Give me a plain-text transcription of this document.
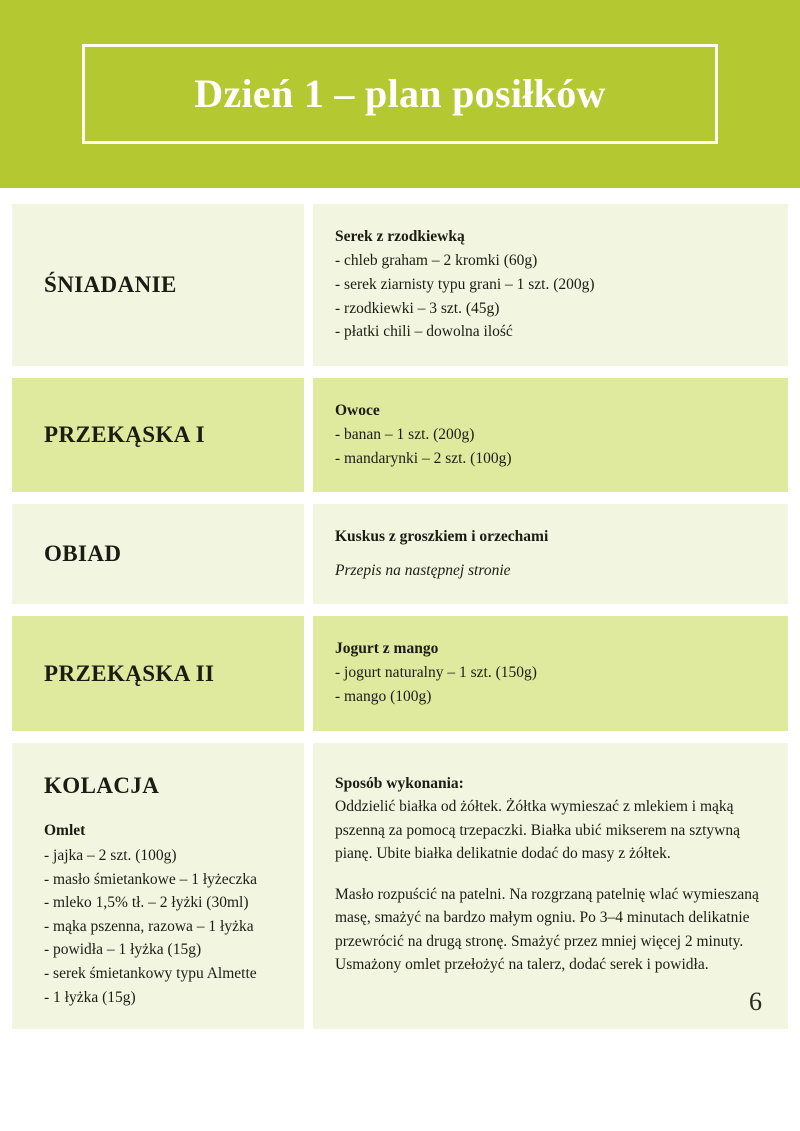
Dzień 1 – plan posiłków
ŚNIADANIE
Serek z rzodkiewką
- chleb graham – 2 kromki (60g)
- serek ziarnisty typu grani – 1 szt. (200g)
- rzodkiewki – 3 szt. (45g)
- płatki chili – dowolna ilość
PRZEKĄSKA I
Owoce
- banan – 1 szt. (200g)
- mandarynki – 2 szt. (100g)
OBIAD
Kuskus z groszkiem i orzechami
Przepis na następnej stronie
PRZEKĄSKA II
Jogurt z mango
- jogurt naturalny – 1 szt. (150g)
- mango (100g)
KOLACJA
Omlet
- jajka – 2 szt. (100g)
- masło śmietankowe – 1 łyżeczka
- mleko 1,5% tł. – 2 łyżki (30ml)
- mąka pszenna, razowa – 1 łyżka
- powidła – 1 łyżka (15g)
- serek śmietankowy typu Almette
- 1 łyżka (15g)
Sposób wykonania:

Oddzielić białka od żółtek. Żółtka wymieszać z mlekiem i mąką pszenną za pomocą trzepaczki. Białka ubić mikserem na sztywną pianę. Ubite białka delikatnie dodać do masy z żółtek.

Masło rozpuścić na patelni. Na rozgrzaną patelnię wlać wymieszaną masę, smażyć na bardzo małym ogniu. Po 3–4 minutach delikatnie przewrócić na drugą stronę. Smażyć przez mniej więcej 2 minuty. Usmażony omlet przełożyć na talerz, dodać serek i powidła.

6
